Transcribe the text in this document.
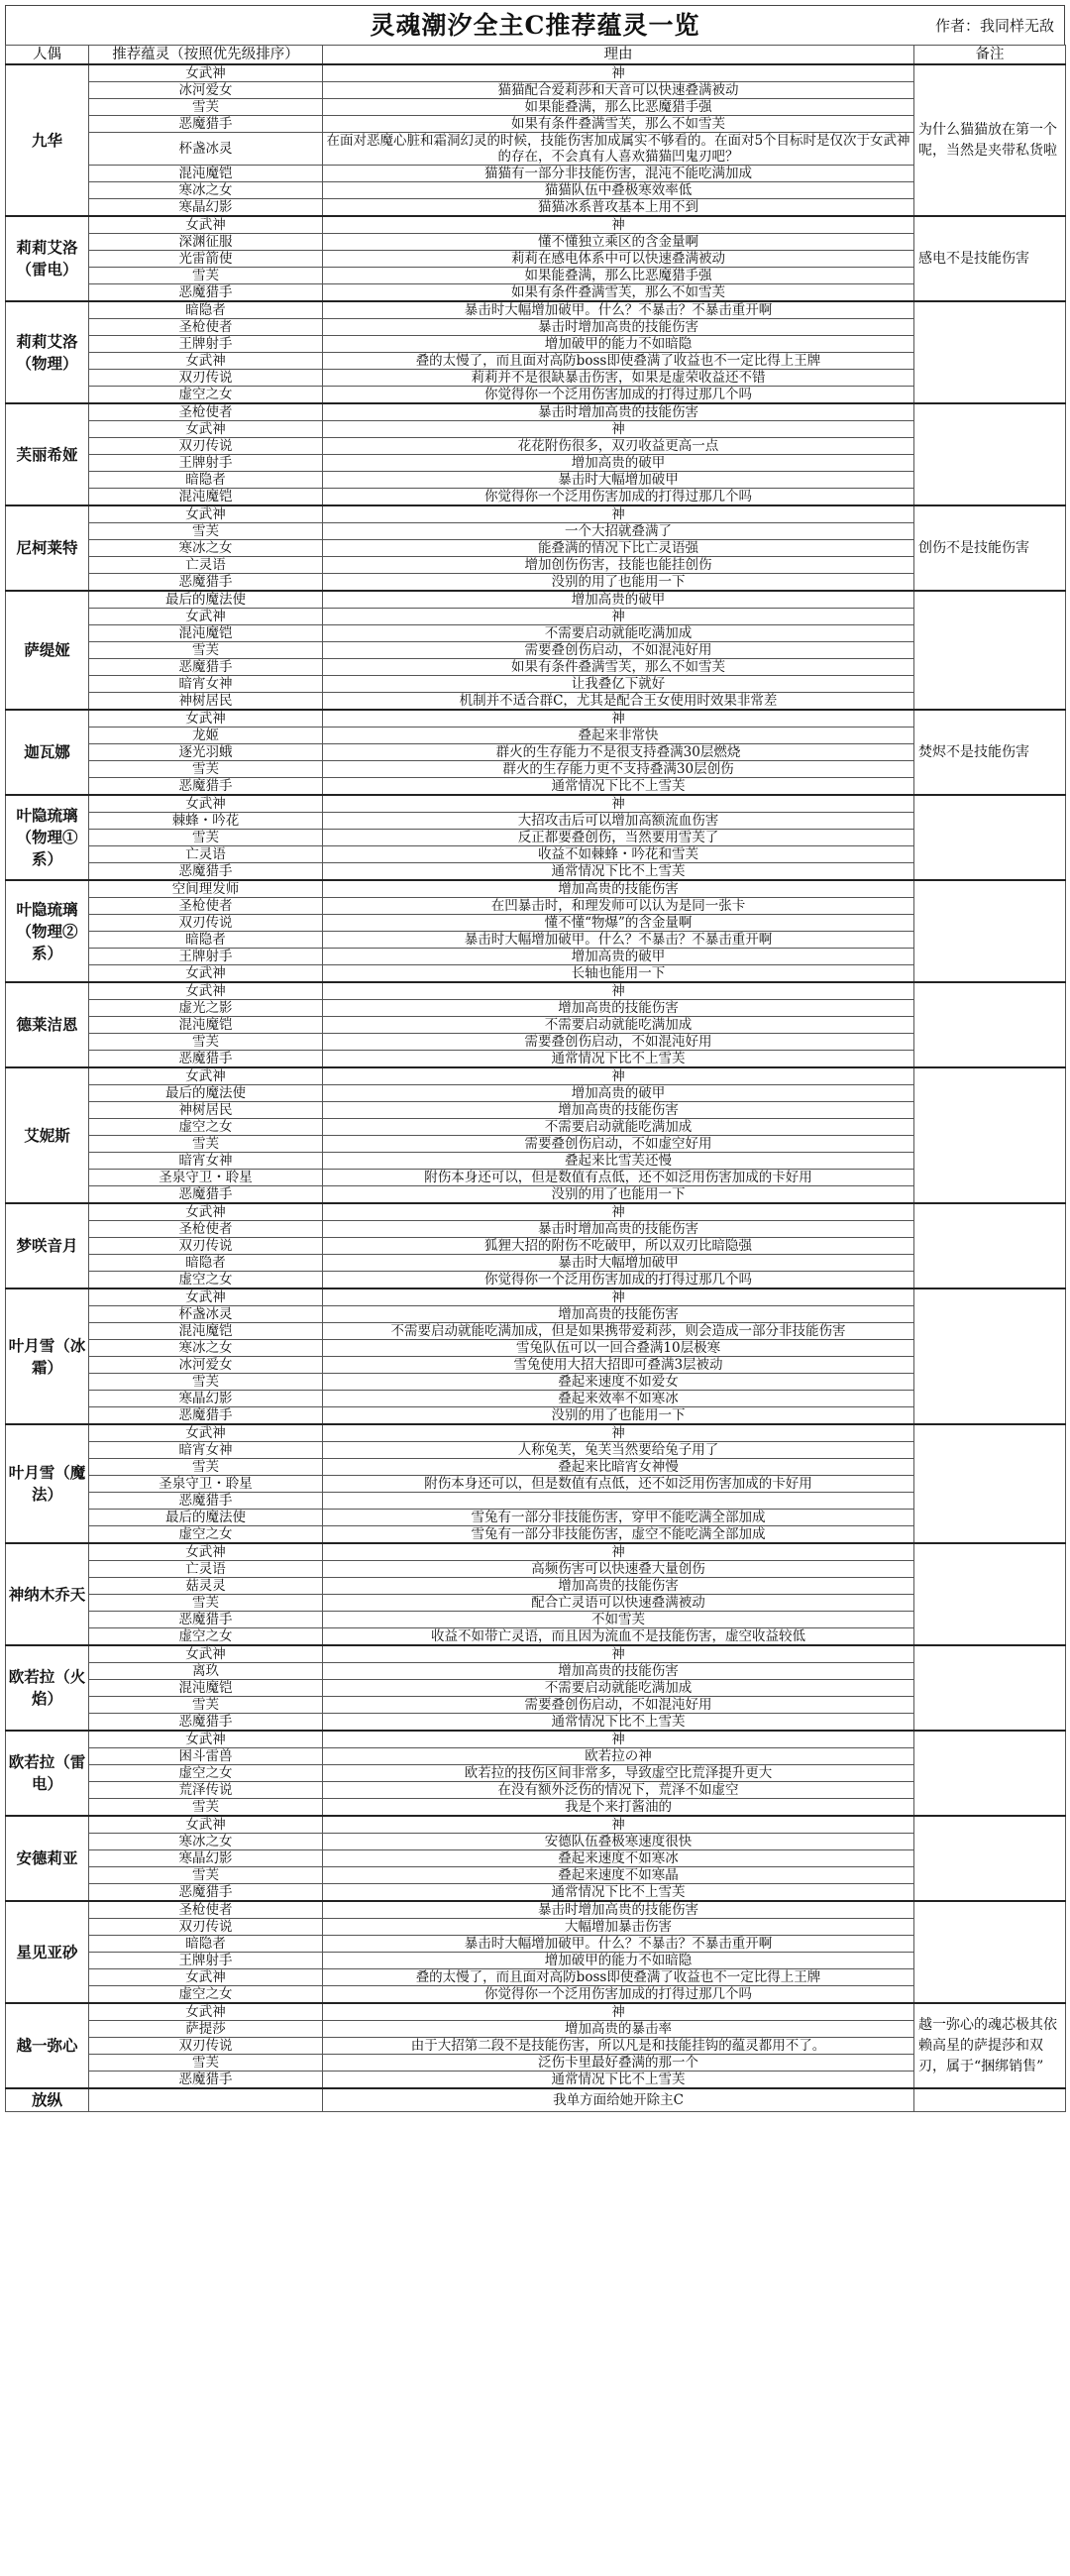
灵魂潮汐全主C推荐蕴灵一览	作者：我同样无敌
人偶	推荐蕴灵（按照优先级排序）	理由	备注
九华	女武神	神	为什么猫猫放在第一个呢，当然是夹带私货啦
	冰河爱女	猫猫配合爱莉莎和天音可以快速叠满被动	
	雪芙	如果能叠满，那么比恶魔猎手强	
	恶魔猎手	如果有条件叠满雪芙，那么不如雪芙	
	杯盏冰灵	在面对恶魔心脏和霜洞幻灵的时候，技能伤害加成属实不够看的。在面对5个目标时是仅次于女武神的存在，不会真有人喜欢猫猫凹鬼刃吧？	
	混沌魔铠	猫猫有一部分非技能伤害，混沌不能吃满加成	
	寒冰之女	猫猫队伍中叠极寒效率低	
	寒晶幻影	猫猫冰系普攻基本上用不到	
莉莉艾洛（雷电）	女武神	神	感电不是技能伤害
	深渊征服	懂不懂独立乘区的含金量啊	
	光雷箭使	莉莉在感电体系中可以快速叠满被动	
	雪芙	如果能叠满，那么比恶魔猎手强	
	恶魔猎手	如果有条件叠满雪芙，那么不如雪芙	
莉莉艾洛（物理）	暗隐者	暴击时大幅增加破甲。什么？不暴击？不暴击重开啊	
	圣枪使者	暴击时增加高贵的技能伤害	
	王牌射手	增加破甲的能力不如暗隐	
	女武神	叠的太慢了，而且面对高防boss即使叠满了收益也不一定比得上王牌	
	双刃传说	莉莉并不是很缺暴击伤害，如果是虚荣收益还不错	
	虚空之女	你觉得你一个泛用伤害加成的打得过那几个吗	
芙丽希娅	圣枪使者	暴击时增加高贵的技能伤害	
	女武神	神	
	双刃传说	花花附伤很多，双刃收益更高一点	
	王牌射手	增加高贵的破甲	
	暗隐者	暴击时大幅增加破甲	
	混沌魔铠	你觉得你一个泛用伤害加成的打得过那几个吗	
尼柯莱特	女武神	神	创伤不是技能伤害
	雪芙	一个大招就叠满了	
	寒冰之女	能叠满的情况下比亡灵语强	
	亡灵语	增加创伤伤害，技能也能挂创伤	
	恶魔猎手	没别的用了也能用一下	
萨缇娅	最后的魔法使	增加高贵的破甲	
	女武神	神	
	混沌魔铠	不需要启动就能吃满加成	
	雪芙	需要叠创伤启动，不如混沌好用	
	恶魔猎手	如果有条件叠满雪芙，那么不如雪芙	
	暗宵女神	让我叠亿下就好	
	神树居民	机制并不适合群C，尤其是配合王女使用时效果非常差	
迦瓦娜	女武神	神	焚烬不是技能伤害
	龙姬	叠起来非常快	
	逐光羽蛾	群火的生存能力不是很支持叠满30层燃烧	
	雪芙	群火的生存能力更不支持叠满30层创伤	
	恶魔猎手	通常情况下比不上雪芙	
叶隐琉璃（物理①系）	女武神	神	
	棘蜂・吟花	大招攻击后可以增加高额流血伤害	
	雪芙	反正都要叠创伤，当然要用雪芙了	
	亡灵语	收益不如棘蜂・吟花和雪芙	
	恶魔猎手	通常情况下比不上雪芙	
叶隐琉璃（物理②系）	空间理发师	增加高贵的技能伤害	
	圣枪使者	在凹暴击时，和理发师可以认为是同一张卡	
	双刃传说	懂不懂“物爆”的含金量啊	
	暗隐者	暴击时大幅增加破甲。什么？不暴击？不暴击重开啊	
	王牌射手	增加高贵的破甲	
	女武神	长轴也能用一下	
德莱洁恩	女武神	神	
	虚光之影	增加高贵的技能伤害	
	混沌魔铠	不需要启动就能吃满加成	
	雪芙	需要叠创伤启动，不如混沌好用	
	恶魔猎手	通常情况下比不上雪芙	
艾妮斯	女武神	神	
	最后的魔法使	增加高贵的破甲	
	神树居民	增加高贵的技能伤害	
	虚空之女	不需要启动就能吃满加成	
	雪芙	需要叠创伤启动，不如虚空好用	
	暗宵女神	叠起来比雪芙还慢	
	圣泉守卫・聆星	附伤本身还可以，但是数值有点低，还不如泛用伤害加成的卡好用	
	恶魔猎手	没别的用了也能用一下	
梦咲音月	女武神	神	
	圣枪使者	暴击时增加高贵的技能伤害	
	双刃传说	狐狸大招的附伤不吃破甲，所以双刃比暗隐强	
	暗隐者	暴击时大幅增加破甲	
	虚空之女	你觉得你一个泛用伤害加成的打得过那几个吗	
叶月雪（冰霜）	女武神	神	
	杯盏冰灵	增加高贵的技能伤害	
	混沌魔铠	不需要启动就能吃满加成，但是如果携带爱莉莎，则会造成一部分非技能伤害	
	寒冰之女	雪兔队伍可以一回合叠满10层极寒	
	冰河爱女	雪兔使用大招大招即可叠满3层被动	
	雪芙	叠起来速度不如爱女	
	寒晶幻影	叠起来效率不如寒冰	
	恶魔猎手	没别的用了也能用一下	
叶月雪（魔法）	女武神	神	
	暗宵女神	人称兔芙，兔芙当然要给兔子用了	
	雪芙	叠起来比暗宵女神慢	
	圣泉守卫・聆星	附伤本身还可以，但是数值有点低，还不如泛用伤害加成的卡好用	
	恶魔猎手		
	最后的魔法使	雪兔有一部分非技能伤害，穿甲不能吃满全部加成	
	虚空之女	雪兔有一部分非技能伤害，虚空不能吃满全部加成	
神纳木乔天	女武神	神	
	亡灵语	高频伤害可以快速叠大量创伤	
	菇灵灵	增加高贵的技能伤害	
	雪芙	配合亡灵语可以快速叠满被动	
	恶魔猎手	不如雪芙	
	虚空之女	收益不如带亡灵语，而且因为流血不是技能伤害，虚空收益较低	
欧若拉（火焰）	女武神	神	
	离玖	增加高贵的技能伤害	
	混沌魔铠	不需要启动就能吃满加成	
	雪芙	需要叠创伤启动，不如混沌好用	
	恶魔猎手	通常情况下比不上雪芙	
欧若拉（雷电）	女武神	神	
	困斗雷兽	欧若拉の神	
	虚空之女	欧若拉的技伤区间非常多，导致虚空比荒泽提升更大	
	荒泽传说	在没有额外泛伤的情况下，荒泽不如虚空	
	雪芙	我是个来打酱油的	
安德莉亚	女武神	神	
	寒冰之女	安德队伍叠极寒速度很快	
	寒晶幻影	叠起来速度不如寒冰	
	雪芙	叠起来速度不如寒晶	
	恶魔猎手	通常情况下比不上雪芙	
星见亚砂	圣枪使者	暴击时增加高贵的技能伤害	
	双刃传说	大幅增加暴击伤害	
	暗隐者	暴击时大幅增加破甲。什么？不暴击？不暴击重开啊	
	王牌射手	增加破甲的能力不如暗隐	
	女武神	叠的太慢了，而且面对高防boss即使叠满了收益也不一定比得上王牌	
	虚空之女	你觉得你一个泛用伤害加成的打得过那几个吗	
越一弥心	女武神	神	越一弥心的魂芯极其依赖高星的萨提莎和双刃，属于“捆绑销售”
	萨提莎	增加高贵的暴击率	
	双刃传说	由于大招第二段不是技能伤害，所以凡是和技能挂钩的蕴灵都用不了。	
	雪芙	泛伤卡里最好叠满的那一个	
	恶魔猎手	通常情况下比不上雪芙	
放纵		我单方面给她开除主C	
